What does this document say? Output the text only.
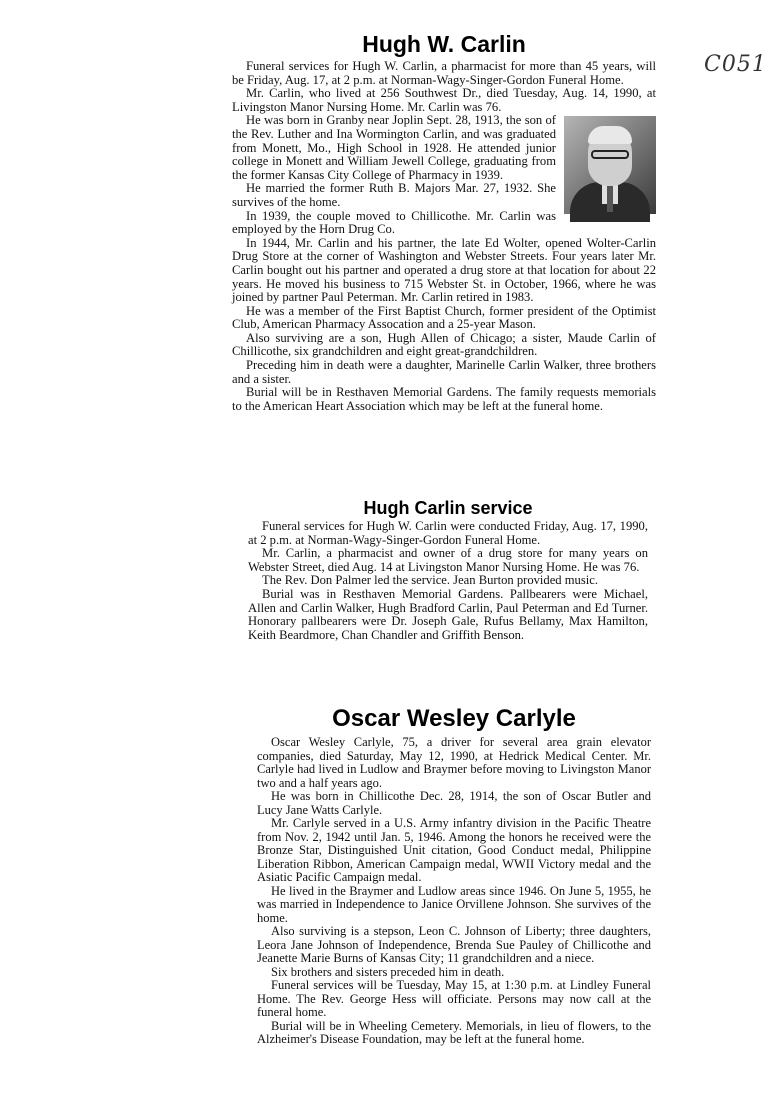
C051
Hugh W. Carlin

Funeral services for Hugh W. Carlin, a pharmacist for more than 45 years, will be Friday, Aug. 17, at 2 p.m. at Norman-Wagy-Singer-Gordon Funeral Home.

Mr. Carlin, who lived at 256 Southwest Dr., died Tuesday, Aug. 14, 1990, at Livingston Manor Nursing Home. Mr. Carlin was 76.

He was born in Granby near Joplin Sept. 28, 1913, the son of the Rev. Luther and Ina Wormington Carlin, and was graduated from Monett, Mo., High School in 1928. He attended junior college in Monett and William Jewell College, graduating from the former Kansas City College of Pharmacy in 1939.

He married the former Ruth B. Majors Mar. 27, 1932. She survives of the home.

In 1939, the couple moved to Chillicothe. Mr. Carlin was employed by the Horn Drug Co.

In 1944, Mr. Carlin and his partner, the late Ed Wolter, opened Wolter-Carlin Drug Store at the corner of Washington and Webster Streets. Four years later Mr. Carlin bought out his partner and operated a drug store at that location for about 22 years. He moved his business to 715 Webster St. in October, 1966, where he was joined by partner Paul Peterman. Mr. Carlin retired in 1983.

He was a member of the First Baptist Church, former president of the Optimist Club, American Pharmacy Assocation and a 25-year Mason.

Also surviving are a son, Hugh Allen of Chicago; a sister, Maude Carlin of Chillicothe, six grandchildren and eight great-grandchildren.

Preceding him in death were a daughter, Marinelle Carlin Walker, three brothers and a sister.

Burial will be in Resthaven Memorial Gardens. The family requests memorials to the American Heart Association which may be left at the funeral home.

Hugh Carlin service

Funeral services for Hugh W. Carlin were conducted Friday, Aug. 17, 1990, at 2 p.m. at Norman-Wagy-Singer-Gordon Funeral Home.

Mr. Carlin, a pharmacist and owner of a drug store for many years on Webster Street, died Aug. 14 at Livingston Manor Nursing Home. He was 76.

The Rev. Don Palmer led the service. Jean Burton provided music.

Burial was in Resthaven Memorial Gardens. Pallbearers were Michael, Allen and Carlin Walker, Hugh Bradford Carlin, Paul Peterman and Ed Turner. Honorary pallbearers were Dr. Joseph Gale, Rufus Bellamy, Max Hamilton, Keith Beardmore, Chan Chandler and Griffith Benson.

Oscar Wesley Carlyle

Oscar Wesley Carlyle, 75, a driver for several area grain elevator companies, died Saturday, May 12, 1990, at Hedrick Medical Center. Mr. Carlyle had lived in Ludlow and Braymer before moving to Livingston Manor two and a half years ago.

He was born in Chillicothe Dec. 28, 1914, the son of Oscar Butler and Lucy Jane Watts Carlyle.

Mr. Carlyle served in a U.S. Army infantry division in the Pacific Theatre from Nov. 2, 1942 until Jan. 5, 1946. Among the honors he received were the Bronze Star, Distinguished Unit citation, Good Conduct medal, Philippine Liberation Ribbon, American Campaign medal, WWII Victory medal and the Asiatic Pacific Campaign medal.

He lived in the Braymer and Ludlow areas since 1946. On June 5, 1955, he was married in Independence to Janice Orvillene Johnson. She survives of the home.

Also surviving is a stepson, Leon C. Johnson of Liberty; three daughters, Leora Jane Johnson of Independence, Brenda Sue Pauley of Chillicothe and Jeanette Marie Burns of Kansas City; 11 grandchildren and a niece.

Six brothers and sisters preceded him in death.

Funeral services will be Tuesday, May 15, at 1:30 p.m. at Lindley Funeral Home. The Rev. George Hess will officiate. Persons may now call at the funeral home.

Burial will be in Wheeling Cemetery. Memorials, in lieu of flowers, to the Alzheimer's Disease Foundation, may be left at the funeral home.
